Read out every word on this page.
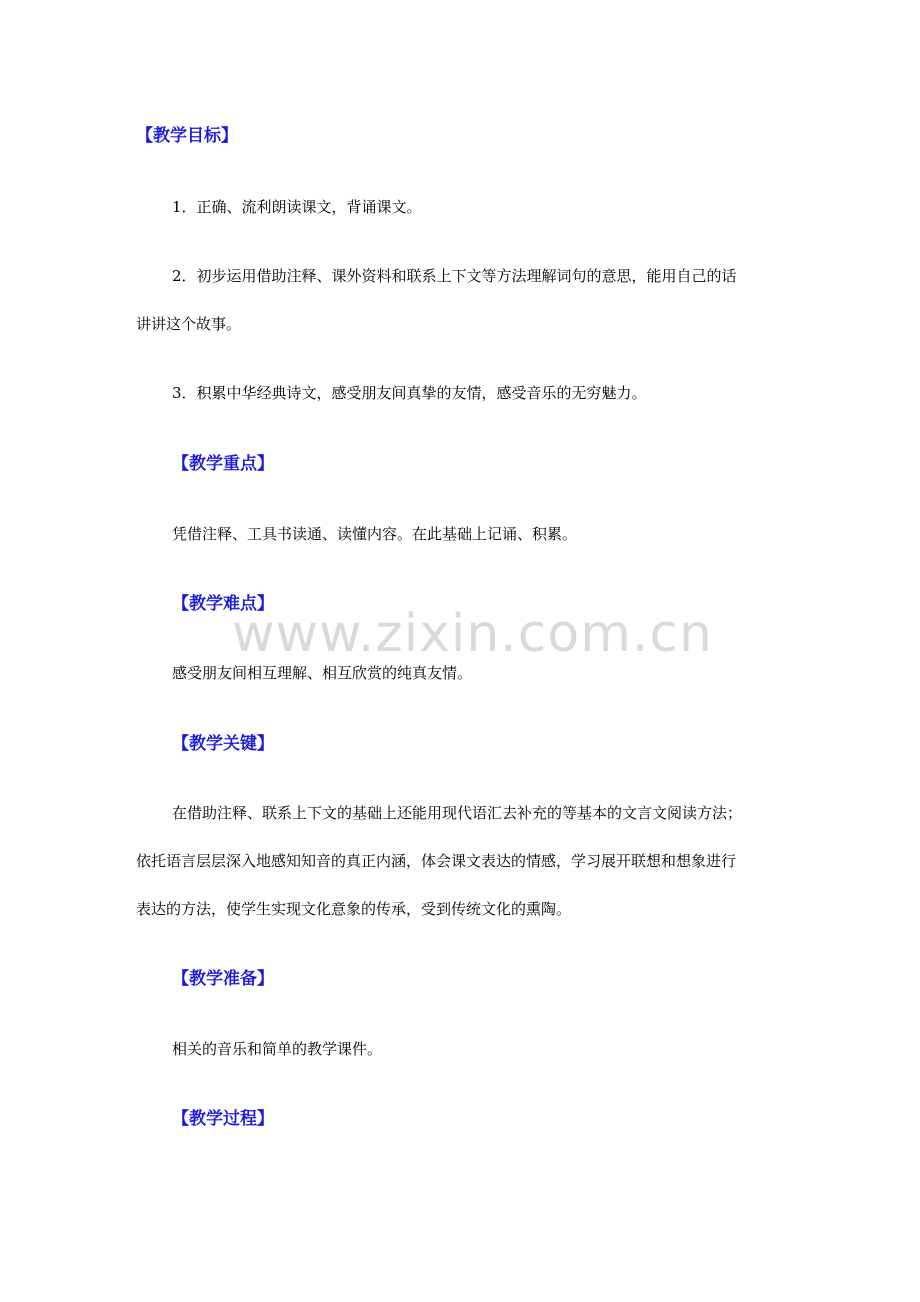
【教学目标】

1．正确、流利朗读课文，背诵课文。

2．初步运用借助注释、课外资料和联系上下文等方法理解词句的意思，能用自己的话

讲讲这个故事。

3．积累中华经典诗文，感受朋友间真挚的友情，感受音乐的无穷魅力。

【教学重点】

凭借注释、工具书读通、读懂内容。在此基础上记诵、积累。

【教学难点】

感受朋友间相互理解、相互欣赏的纯真友情。

【教学关键】

在借助注释、联系上下文的基础上还能用现代语汇去补充的等基本的文言文阅读方法；

依托语言层层深入地感知知音的真正内涵，体会课文表达的情感，学习展开联想和想象进行

表达的方法，使学生实现文化意象的传承，受到传统文化的熏陶。

【教学准备】

相关的音乐和简单的教学课件。

【教学过程】
www.zixin.com.cn
